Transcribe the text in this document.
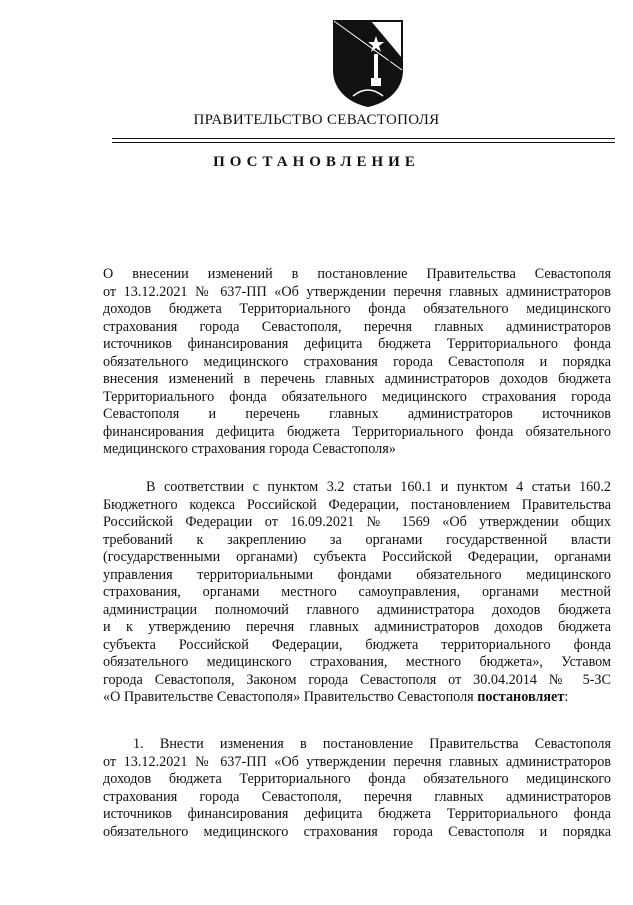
ПРАВИТЕЛЬСТВО СЕВАСТОПОЛЯ
ПОСТАНОВЛЕНИЕ
О внесении изменений в постановление Правительства Севастополя
от 13.12.2021 № 637-ПП «Об утверждении перечня главных администраторов
доходов бюджета Территориального фонда обязательного медицинского
страхования города Севастополя, перечня главных администраторов
источников финансирования дефицита бюджета Территориального фонда
обязательного медицинского страхования города Севастополя и порядка
внесения изменений в перечень главных администраторов доходов бюджета
Территориального фонда обязательного медицинского страхования города
Севастополя и перечень главных администраторов источников
финансирования дефицита бюджета Территориального фонда обязательного
медицинского страхования города Севастополя»
В соответствии с пунктом 3.2 статьи 160.1 и пунктом 4 статьи 160.2
Бюджетного кодекса Российской Федерации, постановлением Правительства
Российской Федерации от 16.09.2021 № 1569 «Об утверждении общих
требований к закреплению за органами государственной власти
(государственными органами) субъекта Российской Федерации, органами
управления территориальными фондами обязательного медицинского
страхования, органами местного самоуправления, органами местной
администрации полномочий главного администратора доходов бюджета
и к утверждению перечня главных администраторов доходов бюджета
субъекта Российской Федерации, бюджета территориального фонда
обязательного медицинского страхования, местного бюджета», Уставом
города Севастополя, Законом города Севастополя от 30.04.2014 № 5-ЗС
«О Правительстве Севастополя» Правительство Севастополя постановляет:
1. Внести изменения в постановление Правительства Севастополя
от 13.12.2021 № 637-ПП «Об утверждении перечня главных администраторов
доходов бюджета Территориального фонда обязательного медицинского
страхования города Севастополя, перечня главных администраторов
источников финансирования дефицита бюджета Территориального фонда
обязательного медицинского страхования города Севастополя и порядка
